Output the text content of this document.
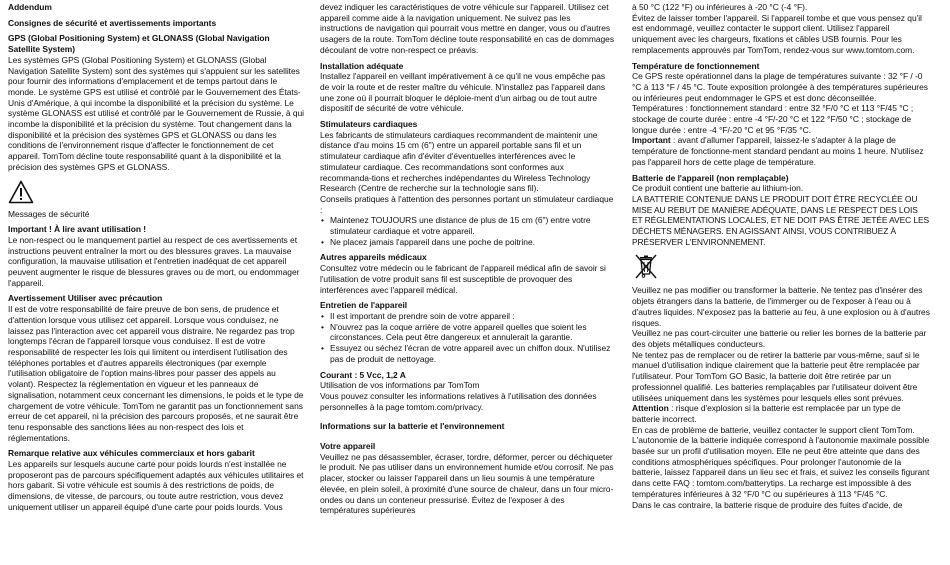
Addendum
Consignes de sécurité et avertissements importants
GPS (Global Positioning System) et GLONASS (Global Navigation Satellite System)

Les systèmes GPS (Global Positioning System) et GLONASS (Global Navigation Satellite System) sont des systèmes qui s'appuient sur les satellites pour fournir des informations d'emplacement et de temps partout dans le monde. Le système GPS est utilisé et contrôlé par le Gouvernement des États-Unis d'Amérique, à qui incombe la disponibilité et la précision du système. Le système GLONASS est utilisé et contrôlé par le Gouvernement de Russie, à qui incombe la disponibilité et la précision du système. Tout changement dans la disponibilité et la précision des systèmes GPS et GLONASS ou dans les conditions de l'environnement risque d'affecter le fonctionnement de cet appareil. TomTom décline toute responsabilité quant à la disponibilité et la précision des systèmes GPS et GLONASS.

Messages de sécurité
Important ! À lire avant utilisation !

Le non-respect ou le manquement partiel au respect de ces avertissements et instructions peuvent entraîner la mort ou des blessures graves. La mauvaise configuration, la mauvaise utilisation et l'entretien inadéquat de cet appareil peuvent augmenter le risque de blessures graves ou de mort, ou endommager l'appareil.

Avertissement Utiliser avec précaution

Il est de votre responsabilité de faire preuve de bon sens, de prudence et d'attention lorsque vous utilisez cet appareil. Lorsque vous conduisez, ne laissez pas l'interaction avec cet appareil vous distraire. Ne regardez pas trop longtemps l'écran de l'appareil lorsque vous conduisez. Il est de votre responsabilité de respecter les lois qui limitent ou interdisent l'utilisation des téléphones portables et d'autres appareils électroniques (par exemple l'utilisation obligatoire de l'option mains-libres pour passer des appels au volant). Respectez la réglementation en vigueur et les panneaux de signalisation, notamment ceux concernant les dimensions, le poids et le type de chargement de votre véhicule. TomTom ne garantit pas un fonctionnement sans erreur de cet appareil, ni la précision des parcours proposés, et ne saurait être tenu responsable des sanctions liées au non-respect des lois et réglementations.

Remarque relative aux véhicules commerciaux et hors gabarit

Les appareils sur lesquels aucune carte pour poids lourds n'est installée ne proposeront pas de parcours spécifiquement adaptés aux véhicules utilitaires et hors gabarit. Si votre véhicule est soumis à des restrictions de poids, de dimensions, de vitesse, de parcours, ou toute autre restriction, vous devez uniquement utiliser un appareil équipé d'une carte pour poids lourds. Vous

devez indiquer les caractéristiques de votre véhicule sur l'appareil. Utilisez cet appareil comme aide à la navigation uniquement. Ne suivez pas les instructions de navigation qui pourrait vous mettre en danger, vous ou d'autres usagers de la route. TomTom décline toute responsabilité en cas de dommages découlant de votre non-respect ce préavis.

Installation adéquate

Installez l'appareil en veillant impérativement à ce qu'il ne vous empêche pas de voir la route et de rester maître du véhicule. N'installez pas l'appareil dans une zone où il pourrait bloquer le déploie-ment d'un airbag ou de tout autre dispositif de sécurité de votre véhicule.

Stimulateurs cardiaques

Les fabricants de stimulateurs cardiaques recommandent de maintenir une distance d'au moins 15 cm (6") entre un appareil portable sans fil et un stimulateur cardiaque afin d'éviter d'éventuelles interférences avec le stimulateur cardiaque. Ces recommandations sont conformes aux recommanda-tions et recherches indépendantes du Wireless Technology Research (Centre de recherche sur la technologie sans fil).

Conseils pratiques à l'attention des personnes portant un stimulateur cardiaque :

• Maintenez TOUJOURS une distance de plus de 15 cm (6") entre votre stimulateur cardiaque et votre appareil.
• Ne placez jamais l'appareil dans une poche de poitrine.
Autres appareils médicaux

Consultez votre médecin ou le fabricant de l'appareil médical afin de savoir si l'utilisation de votre produit sans fil est susceptible de provoquer des interférences avec l'appareil médical.

Entretien de l'appareil
• Il est important de prendre soin de votre appareil :
• N'ouvrez pas la coque arrière de votre appareil quelles que soient les circonstances. Cela peut être dangereux et annulerait la garantie.
• Essuyez ou séchez l'écran de votre appareil avec un chiffon doux. N'utilisez pas de produit de nettoyage.
Courant : 5 Vcc, 1,2 A

Utilisation de vos informations par TomTom

Vous pouvez consulter les informations relatives à l'utilisation des données personnelles à la page tomtom.com/privacy.

Informations sur la batterie et l'environnement
Votre appareil

Veuillez ne pas désassembler, écraser, tordre, déformer, percer ou déchiqueter le produit. Ne pas utiliser dans un environnement humide et/ou corrosif. Ne pas placer, stocker ou laisser l'appareil dans un lieu soumis à une température élevée, en plein soleil, à proximité d'une source de chaleur, dans un four micro-ondes ou dans un conteneur pressurisé. Évitez de l'exposer à des températures supérieures

à 50 °C (122 °F) ou inférieures à -20 °C (-4 °F).

Évitez de laisser tomber l'appareil. Si l'appareil tombe et que vous pensez qu'il est endommagé, veuillez contacter le support client. Utilisez l'appareil uniquement avec les chargeurs, fixations et câbles USB fournis. Pour les remplacements approuvés par TomTom, rendez-vous sur www.tomtom.com.

Température de fonctionnement

Ce GPS reste opérationnel dans la plage de températures suivante : 32 °F / -0 °C à 113 °F / 45 °C. Toute exposition prolongée à des températures supérieures ou inférieures peut endommager le GPS et est donc déconseillée.

Températures : fonctionnement standard : entre 32 °F/0 °C et 113 °F/45 °C ; stockage de courte durée : entre -4 °F/-20 °C et 122 °F/50 °C ; stockage de longue durée : entre -4 °F/-20 °C et 95 °F/35 °C.

Important : avant d'allumer l'appareil, laissez-le s'adapter à la plage de température de fonctionne-ment standard pendant au moins 1 heure. N'utilisez pas l'appareil hors de cette plage de température.

Batterie de l'appareil (non remplaçable)

Ce produit contient une batterie au lithium-ion.

LA BATTERIE CONTENUE DANS LE PRODUIT DOIT ÊTRE RECYCLÉE OU MISE AU REBUT DE MANIÈRE ADÉQUATE, DANS LE RESPECT DES LOIS ET RÉGLEMENTATIONS LOCALES, ET NE DOIT PAS ÊTRE JETÉE AVEC LES DÉCHETS MÉNAGERS. EN AGISSANT AINSI, VOUS CONTRIBUEZ À PRÉSERVER L'ENVIRONNEMENT.

Veuillez ne pas modifier ou transformer la batterie. Ne tentez pas d'insérer des objets étrangers dans la batterie, de l'immerger ou de l'exposer à l'eau ou à d'autres liquides. N'exposez pas la batterie au feu, à une explosion ou à d'autres risques.

Veuillez ne pas court-circuiter une batterie ou relier les bornes de la batterie par des objets métalliques conducteurs.

Ne tentez pas de remplacer ou de retirer la batterie par vous-même, sauf si le manuel d'utilisation indique clairement que la batterie peut être remplacée par l'utilisateur. Pour TomTom GO Basic, la batterie doit être retirée par un professionnel qualifié. Les batteries remplaçables par l'utilisateur doivent être utilisées uniquement dans les systèmes pour lesquels elles sont prévues.

Attention : risque d'explosion si la batterie est remplacée par un type de batterie incorrect.

En cas de problème de batterie, veuillez contacter le support client TomTom.

L'autonomie de la batterie indiquée correspond à l'autonomie maximale possible basée sur un profil d'utilisation moyen. Elle ne peut être atteinte que dans des conditions atmosphériques spécifiques. Pour prolonger l'autonomie de la batterie, laissez l'appareil dans un lieu sec et frais, et suivez les conseils figurant dans cette FAQ : tomtom.com/batterytips. La recharge est impossible à des températures inférieures à 32 °F/0 °C ou supérieures à 113 °F/45 °C.

Dans le cas contraire, la batterie risque de produire des fuites d'acide, de
